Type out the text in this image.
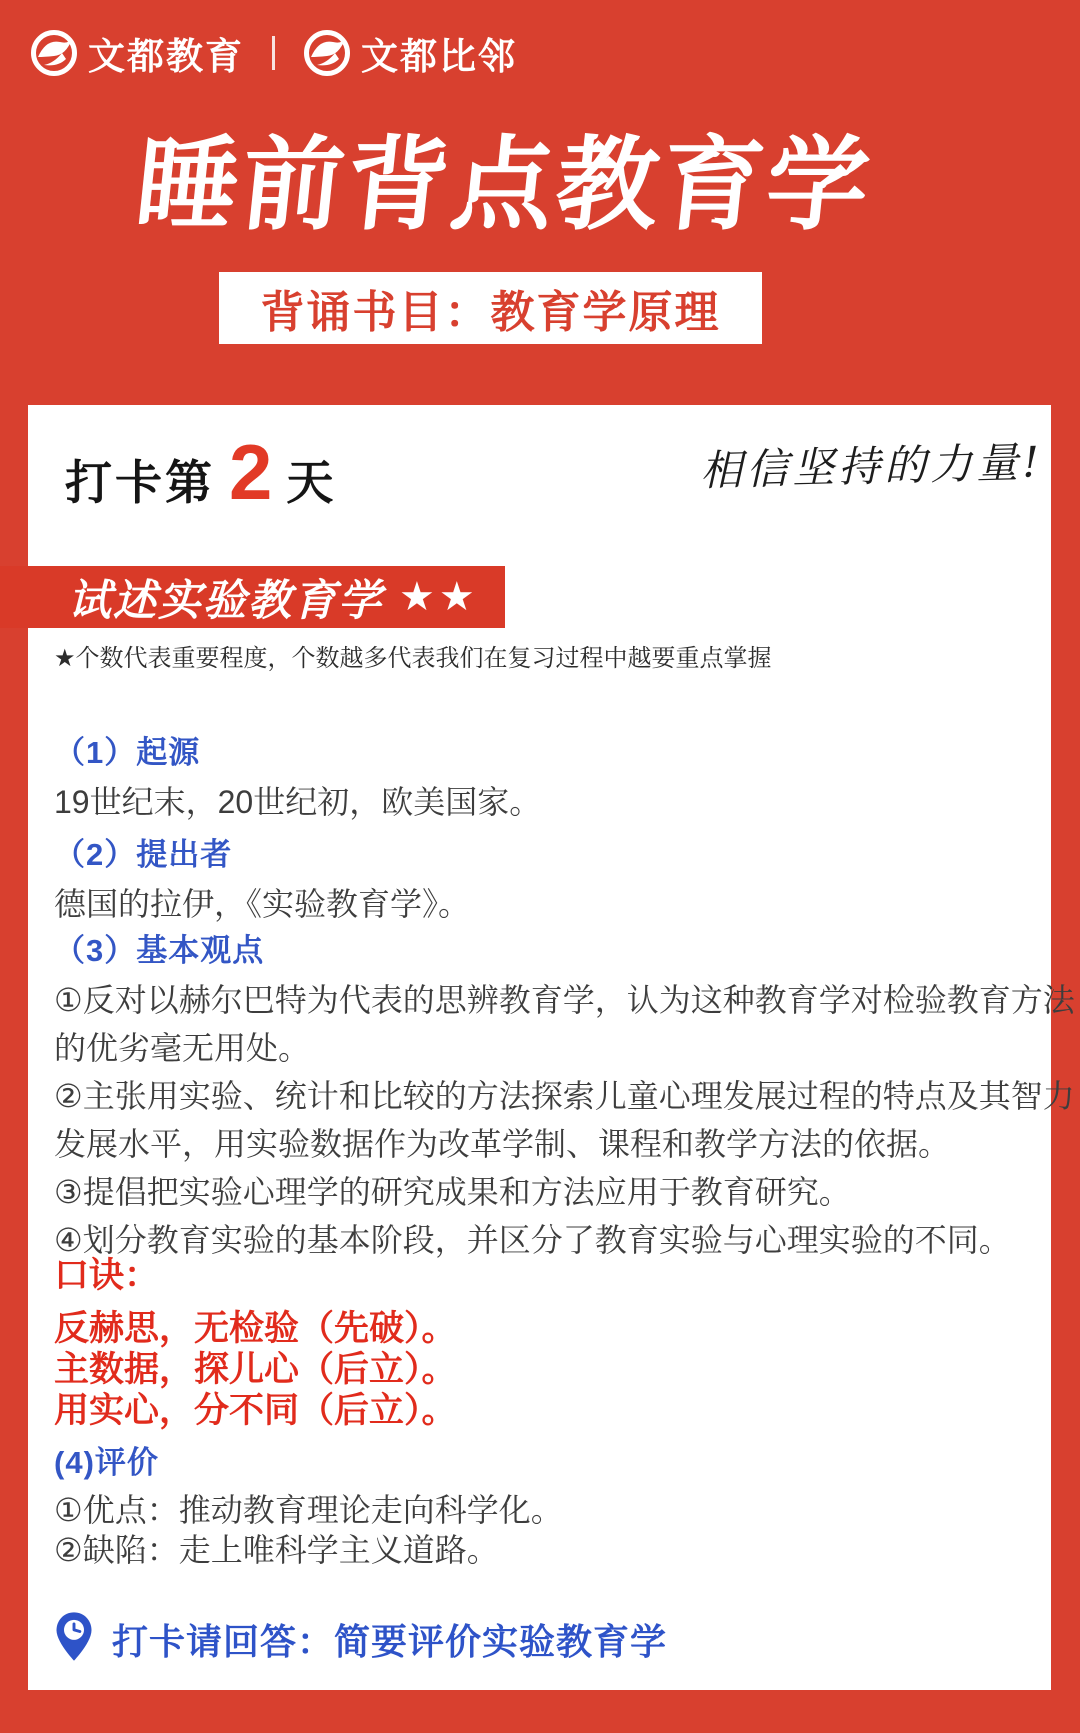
文都教育	文都比邻
睡前背点教育学
背诵书目：教育学原理
打卡第 2 天	相信坚持的力量!
试述实验教育学 ★★
★个数代表重要程度，个数越多代表我们在复习过程中越要重点掌握
（1）起源
19世纪末，20世纪初，欧美国家。
（2）提出者
德国的拉伊，《实验教育学》。
（3）基本观点
①反对以赫尔巴特为代表的思辨教育学，认为这种教育学对检验教育方法
的优劣毫无用处。
②主张用实验、统计和比较的方法探索儿童心理发展过程的特点及其智力
发展水平，用实验数据作为改革学制、课程和教学方法的依据。
③提倡把实验心理学的研究成果和方法应用于教育研究。
④划分教育实验的基本阶段，并区分了教育实验与心理实验的不同。
口诀：
反赫思，无检验（先破）。
主数据，探儿心（后立）。
用实心，分不同（后立）。
(4)评价
①优点：推动教育理论走向科学化。
②缺陷：走上唯科学主义道路。
打卡请回答：简要评价实验教育学
